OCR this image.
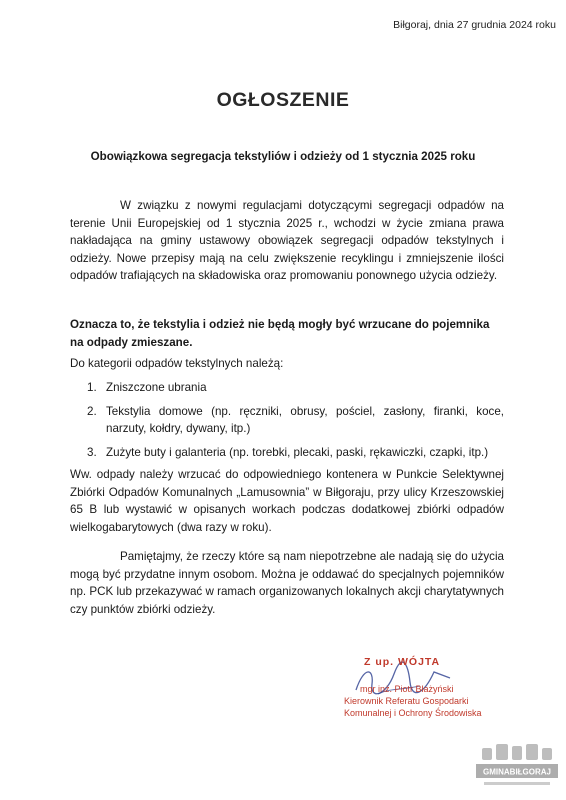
Biłgoraj, dnia 27 grudnia 2024 roku
OGŁOSZENIE
Obowiązkowa segregacja tekstyliów i odzieży od 1 stycznia 2025 roku
W związku z nowymi regulacjami dotyczącymi segregacji odpadów na terenie Unii Europejskiej od 1 stycznia 2025 r., wchodzi w życie zmiana prawa nakładająca na gminy ustawowy obowiązek segregacji odpadów tekstylnych i odzieży. Nowe przepisy mają na celu zwiększenie recyklingu i zmniejszenie ilości odpadów trafiających na składowiska oraz promowaniu ponownego użycia odzieży.
Oznacza to, że tekstylia i odzież nie będą mogły być wrzucane do pojemnika na odpady zmieszane.
Do kategorii odpadów tekstylnych należą:
1. Zniszczone ubrania
2. Tekstylia domowe (np. ręczniki, obrusy, pościel, zasłony, firanki, koce, narzuty, kołdry, dywany, itp.)
3. Zużyte buty i galanteria (np. torebki, plecaki, paski, rękawiczki, czapki, itp.)
Ww. odpady należy wrzucać do odpowiedniego kontenera w Punkcie Selektywnej Zbiórki Odpadów Komunalnych „Lamusownia” w Biłgoraju, przy ulicy Krzeszowskiej 65 B lub wystawić w opisanych workach podczas dodatkowej zbiórki odpadów wielkogabarytowych (dwa razy w roku).
Pamiętajmy, że rzeczy które są nam niepotrzebne ale nadają się do użycia mogą być przydatne innym osobom. Można je oddawać do specjalnych pojemników np. PCK lub przekazywać w ramach organizowanych lokalnych akcji charytatywnych czy punktów zbiórki odzieży.
Z up. WÓJTA
mgr inż. Piotr Błażyński
Kierownik Referatu Gospodarki
Komunalnej i Ochrony Środowiska
GMINABIŁGORAJ
